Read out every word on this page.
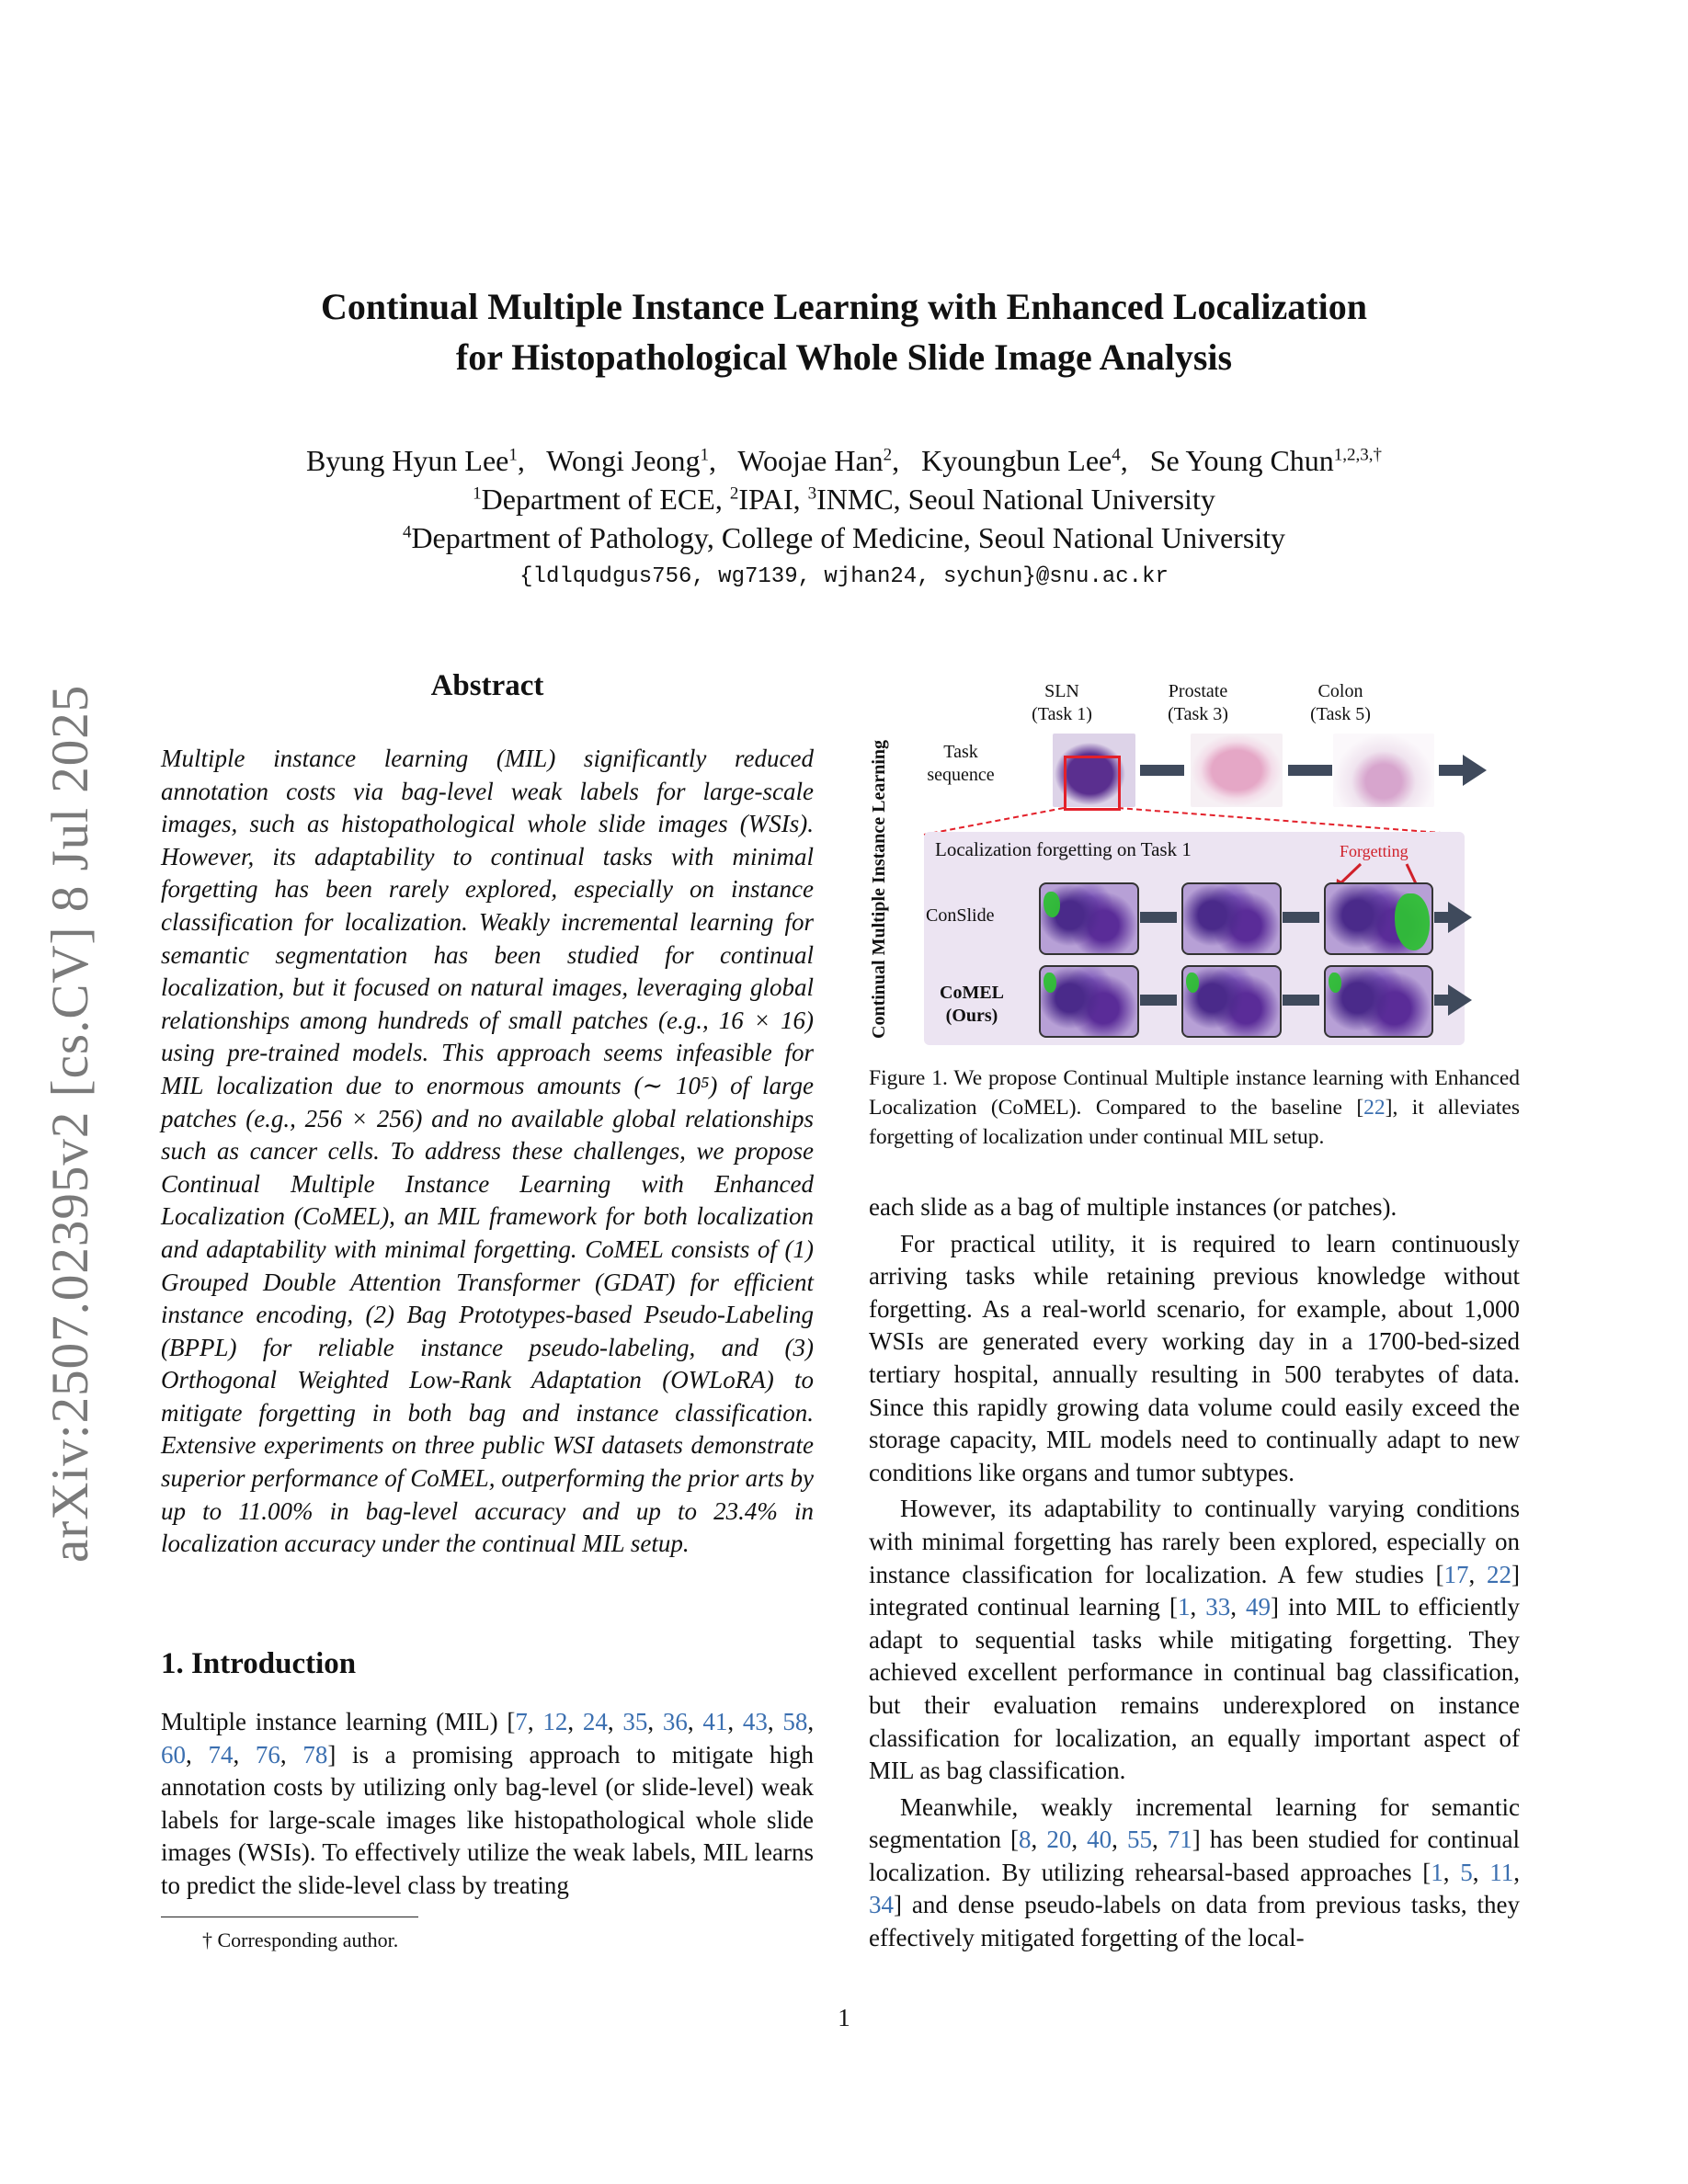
arXiv:2507.02395v2 [cs.CV] 8 Jul 2025
Continual Multiple Instance Learning with Enhanced Localization
for Histopathological Whole Slide Image Analysis
Byung Hyun Lee$^1$,   Wongi Jeong$^1$,   Woojae Han$^2$,   Kyoungbun Lee$^4$,   Se Young Chun$^{1,2,3,\dagger}$
$^1$Department of ECE, $^2$IPAI, $^3$INMC, Seoul National University
$^4$Department of Pathology, College of Medicine, Seoul National University
{ldlqudgus756, wg7139, wjhan24, sychun}@snu.ac.kr
Abstract
Multiple instance learning (MIL) significantly reduced annotation costs via bag-level weak labels for large-scale images, such as histopathological whole slide images (WSIs). However, its adaptability to continual tasks with minimal forgetting has been rarely explored, especially on instance classification for localization. Weakly incremental learning for semantic segmentation has been studied for continual localization, but it focused on natural images, leveraging global relationships among hundreds of small patches (e.g., 16 × 16) using pre-trained models. This approach seems infeasible for MIL localization due to enormous amounts (∼ 10⁵) of large patches (e.g., 256 × 256) and no available global relationships such as cancer cells. To address these challenges, we propose Continual Multiple Instance Learning with Enhanced Localization (CoMEL), an MIL framework for both localization and adaptability with minimal forgetting. CoMEL consists of (1) Grouped Double Attention Transformer (GDAT) for efficient instance encoding, (2) Bag Prototypes-based Pseudo-Labeling (BPPL) for reliable instance pseudo-labeling, and (3) Orthogonal Weighted Low-Rank Adaptation (OWLoRA) to mitigate forgetting in both bag and instance classification. Extensive experiments on three public WSI datasets demonstrate superior performance of CoMEL, outperforming the prior arts by up to 11.00% in bag-level accuracy and up to 23.4% in localization accuracy under the continual MIL setup.
1. Introduction
Multiple instance learning (MIL) [7, 12, 24, 35, 36, 41, 43, 58, 60, 74, 76, 78] is a promising approach to mitigate high annotation costs by utilizing only bag-level (or slide-level) weak labels for large-scale images like histopathological whole slide images (WSIs). To effectively utilize the weak labels, MIL learns to predict the slide-level class by treating
† Corresponding author.
1
Continual Multiple Instance Learning
SLN
(Task 1)
Prostate
(Task 3)
Colon
(Task 5)
Task
sequence
Localization forgetting on Task 1	Forgetting
ConSlide
CoMEL
(Ours)
Figure 1. We propose Continual Multiple instance learning with Enhanced Localization (CoMEL). Compared to the baseline [22], it alleviates forgetting of localization under continual MIL setup.

each slide as a bag of multiple instances (or patches).

For practical utility, it is required to learn continuously arriving tasks while retaining previous knowledge without forgetting. As a real-world scenario, for example, about 1,000 WSIs are generated every working day in a 1700-bed-sized tertiary hospital, annually resulting in 500 terabytes of data. Since this rapidly growing data volume could easily exceed the storage capacity, MIL models need to continually adapt to new conditions like organs and tumor subtypes.

However, its adaptability to continually varying conditions with minimal forgetting has rarely been explored, especially on instance classification for localization. A few studies [17, 22] integrated continual learning [1, 33, 49] into MIL to efficiently adapt to sequential tasks while mitigating forgetting. They achieved excellent performance in continual bag classification, but their evaluation remains underexplored on instance classification for localization, an equally important aspect of MIL as bag classification.

Meanwhile, weakly incremental learning for semantic segmentation [8, 20, 40, 55, 71] has been studied for continual localization. By utilizing rehearsal-based approaches [1, 5, 11, 34] and dense pseudo-labels on data from previous tasks, they effectively mitigated forgetting of the local-
